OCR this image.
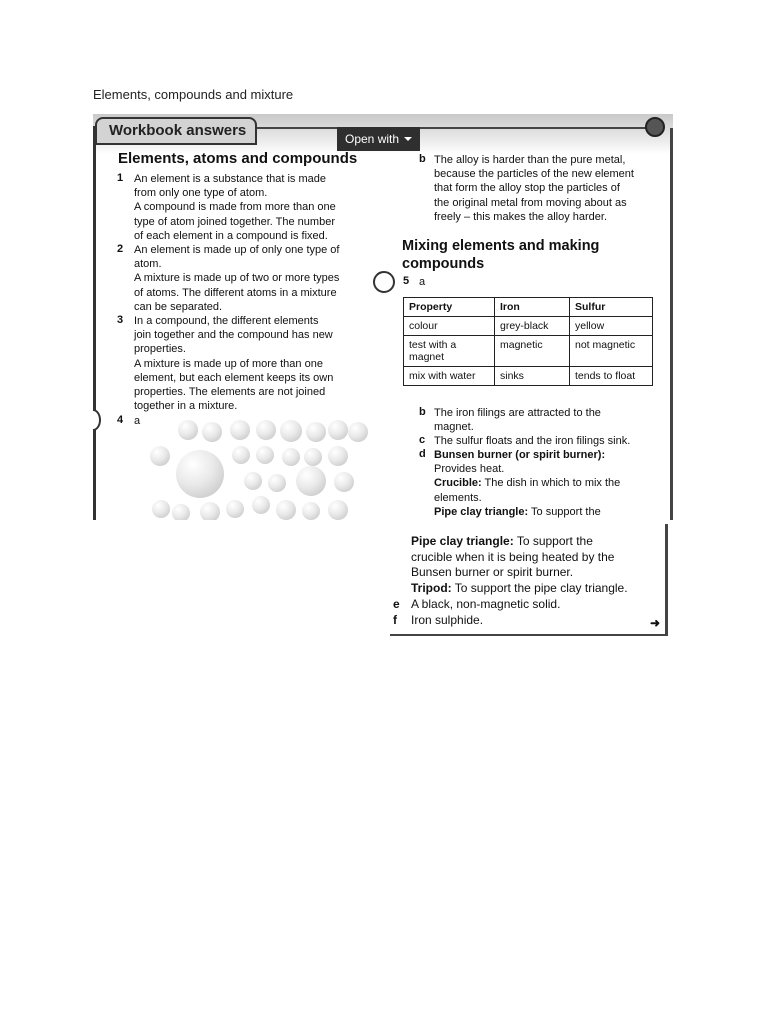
Elements, compounds and mixture
Workbook answers	Open with
Elements, atoms and compounds
1 An element is a substance that is made
from only one type of atom.
A compound is made from more than one
type of atom joined together. The number
of each element in a compound is fixed.
2 An element is made up of only one type of
atom.
A mixture is made up of two or more types
of atoms. The different atoms in a mixture
can be separated.
3 In a compound, the different elements
join together and the compound has new
properties.
A mixture is made up of more than one
element, but each element keeps its own
properties. The elements are not joined
together in a mixture.
4 a
b The alloy is harder than the pure metal,
because the particles of the new element
that form the alloy stop the particles of
the original metal from moving about as
freely – this makes the alloy harder.
Mixing elements and making compounds
5 a
Property	Iron	Sulfur
colour	grey-black	yellow
test with a magnet	magnetic	not magnetic
mix with water	sinks	tends to float
b The iron filings are attracted to the
magnet.
c The sulfur floats and the iron filings sink.
d Bunsen burner (or spirit burner):
Provides heat.
Crucible: The dish in which to mix the
elements.
Pipe clay triangle: To support the
Pipe clay triangle: To support the
crucible when it is being heated by the
Bunsen burner or spirit burner.
Tripod: To support the pipe clay triangle.
e A black, non-magnetic solid.
f Iron sulphide.	➜
